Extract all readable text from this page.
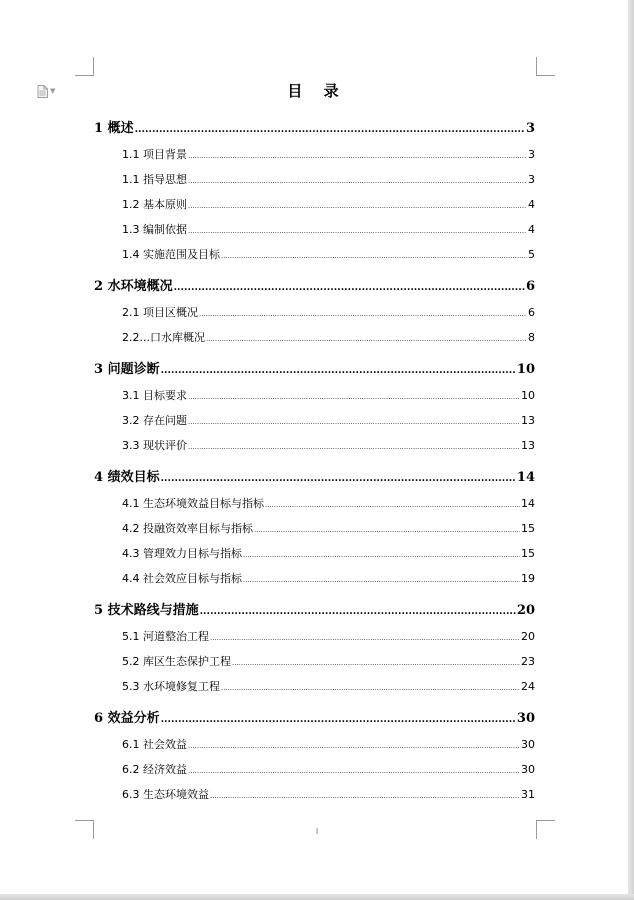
▼	目 录
1 概述 .....	3
1.1 项目背景 .....	3
1.1 指导思想 .....	3
1.2 基本原则 .....	4
1.3 编制依据 .....	4
1.4 实施范围及目标 .....	5
2 水环境概况 .....	6
2.1 项目区概况 .....	6
2.2...口水库概况 .....	8
3 问题诊断 .....	10
3.1 目标要求 .....	10
3.2 存在问题 .....	13
3.3 现状评价 .....	13
4 绩效目标 .....	14
4.1 生态环境效益目标与指标 .....	14
4.2 投融资效率目标与指标 .....	15
4.3 管理效力目标与指标 .....	15
4.4 社会效应目标与指标 .....	19
5 技术路线与措施 .....	20
5.1 河道整治工程 .....	20
5.2 库区生态保护工程 .....	23
5.3 水环境修复工程 .....	24
6 效益分析 .....	30
6.1 社会效益 .....	30
6.2 经济效益 .....	30
6.3 生态环境效益 .....	31
I
